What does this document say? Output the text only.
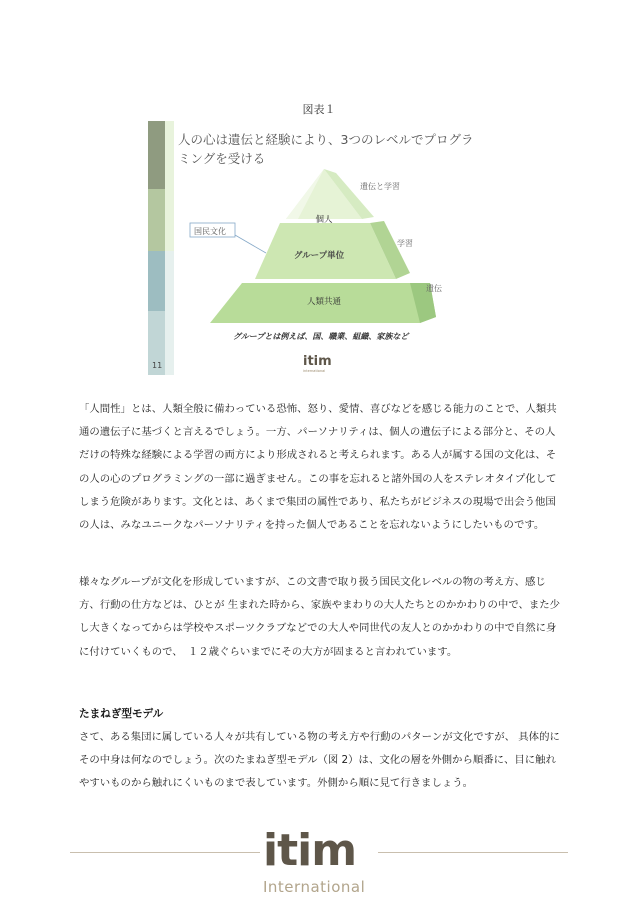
図表１
国民文化
個人
グループ単位
人類共通
遺伝と学習
学習
遺伝
グループとは例えば、国、職業、組織、家族など
itim
international
人の心は遺伝と経験により、3つのレベルでプログラミングを受ける
11

「人間性」とは、人類全般に備わっている恐怖、怒り、愛情、喜びなどを感じる能力のことで、人類共通の遺伝子に基づくと言えるでしょう。一方、パーソナリティは、個人の遺伝子による部分と、その人だけの特殊な経験による学習の両方により形成されると考えられます。ある人が属する国の文化は、その人の心のプログラミングの一部に過ぎません。この事を忘れると諸外国の人をステレオタイプ化してしまう危険があります。文化とは、あくまで集団の属性であり、私たちがビジネスの現場で出会う他国の人は、みなユニークなパーソナリティを持った個人であることを忘れないようにしたいものです。

様々なグループが文化を形成していますが、この文書で取り扱う国民文化レベルの物の考え方、感じ方、行動の仕方などは、ひとが 生まれた時から、家族やまわりの大人たちとのかかわりの中で、また少し大きくなってからは学校やスポーツクラブなどでの大人や同世代の友人とのかかわりの中で自然に身に付けていくもので、　１２歳ぐらいまでにその大方が固まると言われています。

たまねぎ型モデル

さて、ある集団に属している人々が共有している物の考え方や行動のパターンが文化ですが、 具体的にその中身は何なのでしょう。次のたまねぎ型モデル（図 2）は、文化の層を外側から順番に、目に触れやすいものから触れにくいものまで表しています。外側から順に見て行きましょう。

itim
International
